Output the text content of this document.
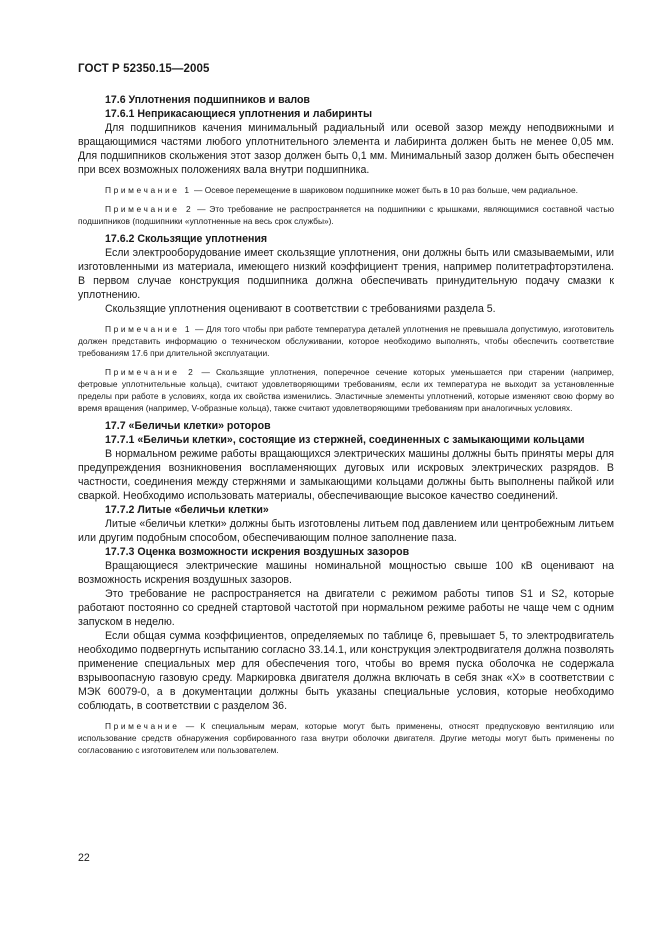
ГОСТ Р 52350.15—2005
17.6 Уплотнения подшипников и валов
17.6.1 Неприкасающиеся уплотнения и лабиринты

Для подшипников качения минимальный радиальный или осевой зазор между неподвижными и вращающимися частями любого уплотнительного элемента и лабиринта должен быть не менее 0,05 мм. Для подшипников скольжения этот зазор должен быть 0,1 мм. Минимальный зазор должен быть обеспечен при всех возможных положениях вала внутри подшипника.

Примечание 1 — Осевое перемещение в шариковом подшипнике может быть в 10 раз больше, чем радиальное.

Примечание 2 — Это требование не распространяется на подшипники с крышками, являющимися составной частью подшипников (подшипники «уплотненные на весь срок службы»).

17.6.2 Скользящие уплотнения

Если электрооборудование имеет скользящие уплотнения, они должны быть или смазываемыми, или изготовленными из материала, имеющего низкий коэффициент трения, например политетрафторэтилена. В первом случае конструкция подшипника должна обеспечивать принудительную подачу смазки к уплотнению.

Скользящие уплотнения оценивают в соответствии с требованиями раздела 5.

Примечание 1 — Для того чтобы при работе температура деталей уплотнения не превышала допустимую, изготовитель должен представить информацию о техническом обслуживании, которое необходимо выполнять, чтобы обеспечить соответствие требованиям 17.6 при длительной эксплуатации.

Примечание 2 — Скользящие уплотнения, поперечное сечение которых уменьшается при старении (например, фетровые уплотнительные кольца), считают удовлетворяющими требованиям, если их температура не выходит за установленные пределы при работе в условиях, когда их свойства изменились. Эластичные элементы уплотнений, которые изменяют свою форму во время вращения (например, V-образные кольца), также считают удовлетворяющими требованиям при аналогичных условиях.

17.7 «Беличьи клетки» роторов
17.7.1 «Беличьи клетки», состоящие из стержней, соединенных с замыкающими кольцами

В нормальном режиме работы вращающихся электрических машины должны быть приняты меры для предупреждения возникновения воспламеняющих дуговых или искровых электрических разрядов. В частности, соединения между стержнями и замыкающими кольцами должны быть выполнены пайкой или сваркой. Необходимо использовать материалы, обеспечивающие высокое качество соединений.

17.7.2 Литые «беличьи клетки»

Литые «беличьи клетки» должны быть изготовлены литьем под давлением или центробежным литьем или другим подобным способом, обеспечивающим полное заполнение паза.

17.7.3 Оценка возможности искрения воздушных зазоров

Вращающиеся электрические машины номинальной мощностью свыше 100 кВ оценивают на возможность искрения воздушных зазоров.

Это требование не распространяется на двигатели с режимом работы типов S1 и S2, которые работают постоянно со средней стартовой частотой при нормальном режиме работы не чаще чем с одним запуском в неделю.

Если общая сумма коэффициентов, определяемых по таблице 6, превышает 5, то электродвигатель необходимо подвергнуть испытанию согласно 33.14.1, или конструкция электродвигателя должна позволять применение специальных мер для обеспечения того, чтобы во время пуска оболочка не содержала взрывоопасную газовую среду. Маркировка двигателя должна включать в себя знак «Х» в соответствии с МЭК 60079-0, а в документации должны быть указаны специальные условия, которые необходимо соблюдать, в соответствии с разделом 36.

Примечание — К специальным мерам, которые могут быть применены, относят предпусковую вентиляцию или использование средств обнаружения сорбированного газа внутри оболочки двигателя. Другие методы могут быть применены по согласованию с изготовителем или пользователем.

22
